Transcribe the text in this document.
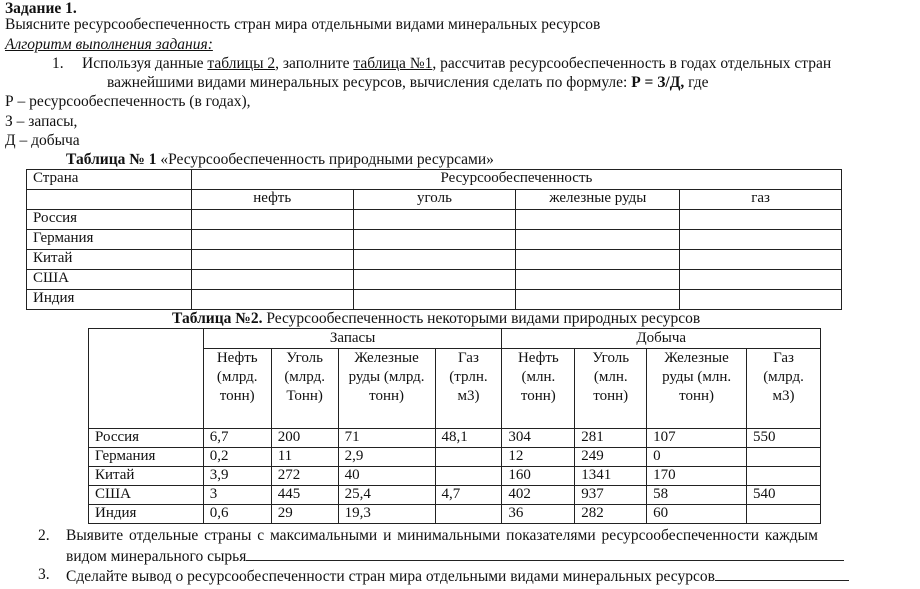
Задание 1.
Выясните ресурсообеспеченность стран мира отдельными видами минеральных ресурсов
Алгоритм выполнения задания:
1. Используя данные таблицы 2, заполните таблица №1, рассчитав ресурсообеспеченность в годах отдельных стран
важнейшими видами минеральных ресурсов, вычисления сделать по формуле: Р = З/Д, где
Р – ресурсообеспеченность (в годах),
З – запасы,
Д – добыча
Таблица № 1 «Ресурсообеспеченность природными ресурсами»
Страна	Ресурсообеспеченность			
	нефть	уголь	железные руды	газ
Россия				
Германия				
Китай				
США				
Индия				
Таблица №2. Ресурсообеспеченность некоторыми видами природных ресурсов
	Запасы				Добыча			
	Нефть (млрд. тонн)	Уголь (млрд. Тонн)	Железные руды (млрд. тонн)	Газ (трлн. м3)	Нефть (млн. тонн)	Уголь (млн. тонн)	Железные руды (млн. тонн)	Газ (млрд. м3)
Россия	6,7	200	71	48,1	304	281	107	550
Германия	0,2	11	2,9		12	249	0	
Китай	3,9	272	40		160	1341	170	
США	3	445	25,4	4,7	402	937	58	540
Индия	0,6	29	19,3		36	282	60	
2. Выявите отдельные страны с максимальными и минимальными показателями ресурсообеспеченности каждым
видом минерального сырья
3. Сделайте вывод о ресурсообеспеченности стран мира отдельными видами минеральных ресурсов
